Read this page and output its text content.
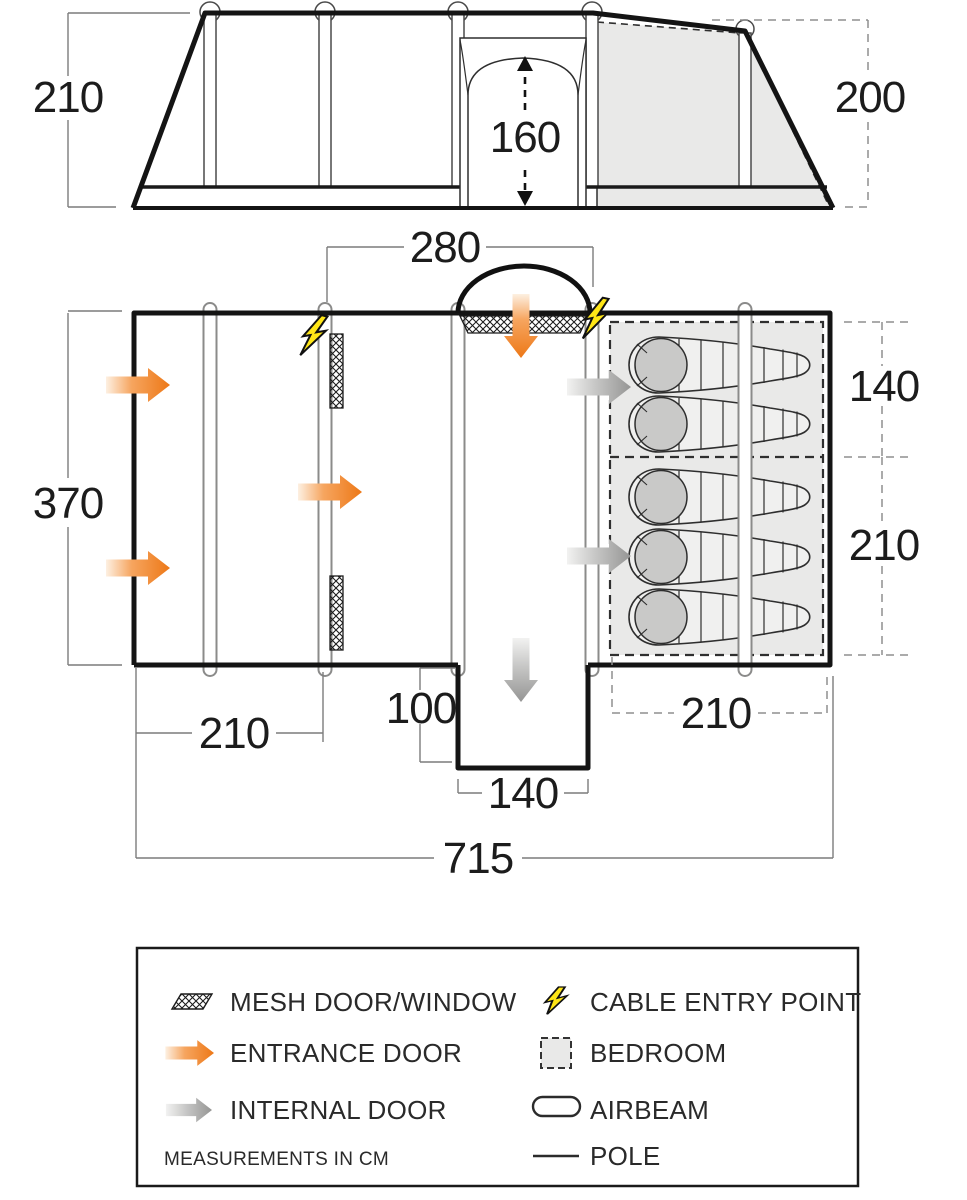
210
160
200
280
370
140
210
210
100
140
210
715
MESH DOOR/WINDOW
ENTRANCE DOOR
INTERNAL DOOR
MEASUREMENTS IN CM
CABLE ENTRY POINT
BEDROOM
AIRBEAM
POLE
